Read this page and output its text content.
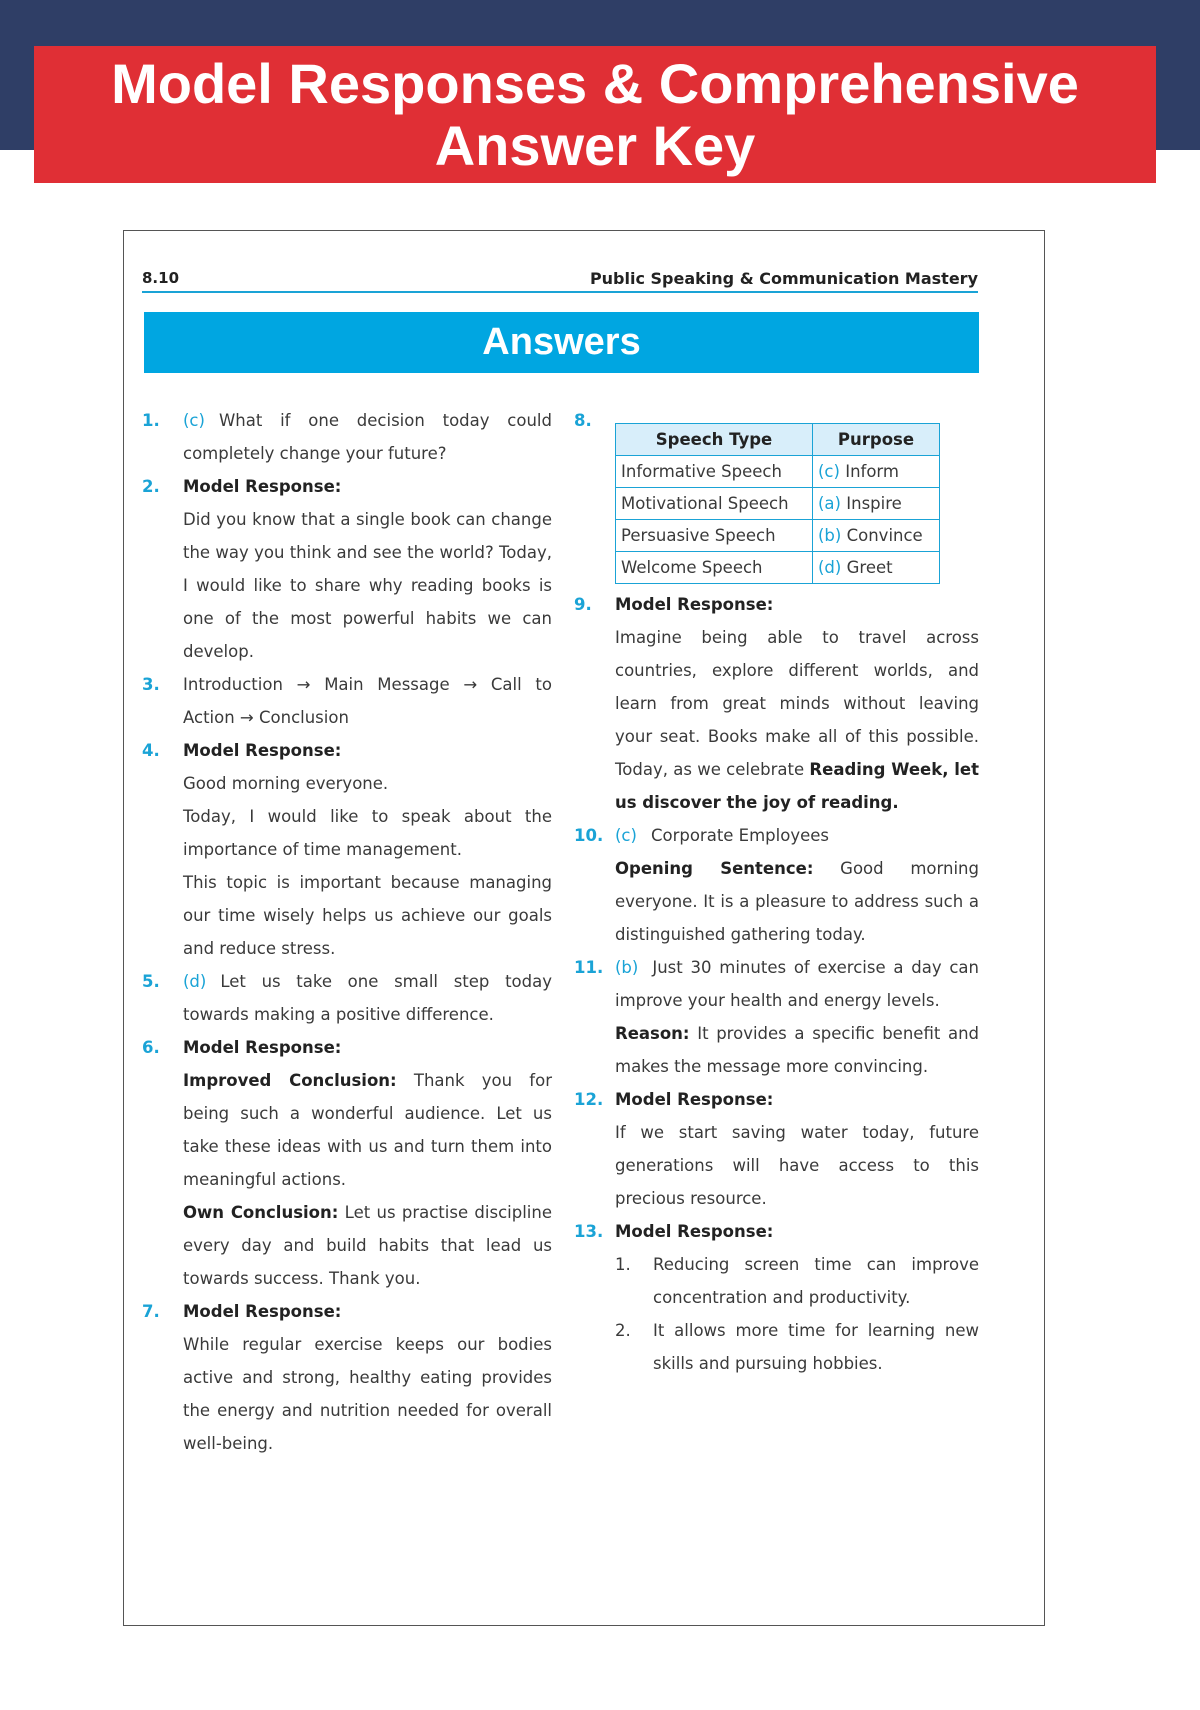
Model Responses & Comprehensive
Answer Key
8.10	Public Speaking & Communication Mastery
Answers
1. (c) What if one decision today could completely change your future?
2. Model Response:
Did you know that a single book can change the way you think and see the world? Today, I would like to share why reading books is one of the most powerful habits we can develop.
3. Introduction → Main Message → Call to Action → Conclusion
4. Model Response:
Good morning everyone.
Today, I would like to speak about the importance of time management.
This topic is important because managing our time wisely helps us achieve our goals and reduce stress.
5. (d) Let us take one small step today towards making a positive difference.
6. Model Response:
Improved Conclusion: Thank you for being such a wonderful audience. Let us take these ideas with us and turn them into meaningful actions.
Own Conclusion: Let us practise discipline every day and build habits that lead us towards success. Thank you.
7. Model Response:
While regular exercise keeps our bodies active and strong, healthy eating provides the energy and nutrition needed for overall well-being.
8.
Speech Type	Purpose
Informative Speech	(c) Inform
Motivational Speech	(a) Inspire
Persuasive Speech	(b) Convince
Welcome Speech	(d) Greet
9. Model Response:
Imagine being able to travel across countries, explore different worlds, and learn from great minds without leaving your seat. Books make all of this possible. Today, as we celebrate Reading Week, let us discover the joy of reading.
10. (c) Corporate Employees
Opening Sentence: Good morning everyone. It is a pleasure to address such a distinguished gathering today.
11. (b) Just 30 minutes of exercise a day can improve your health and energy levels.
Reason: It provides a specific benefit and makes the message more convincing.
12. Model Response:
If we start saving water today, future generations will have access to this precious resource.
13. Model Response:
1. Reducing screen time can improve concentration and productivity.
2. It allows more time for learning new skills and pursuing hobbies.
